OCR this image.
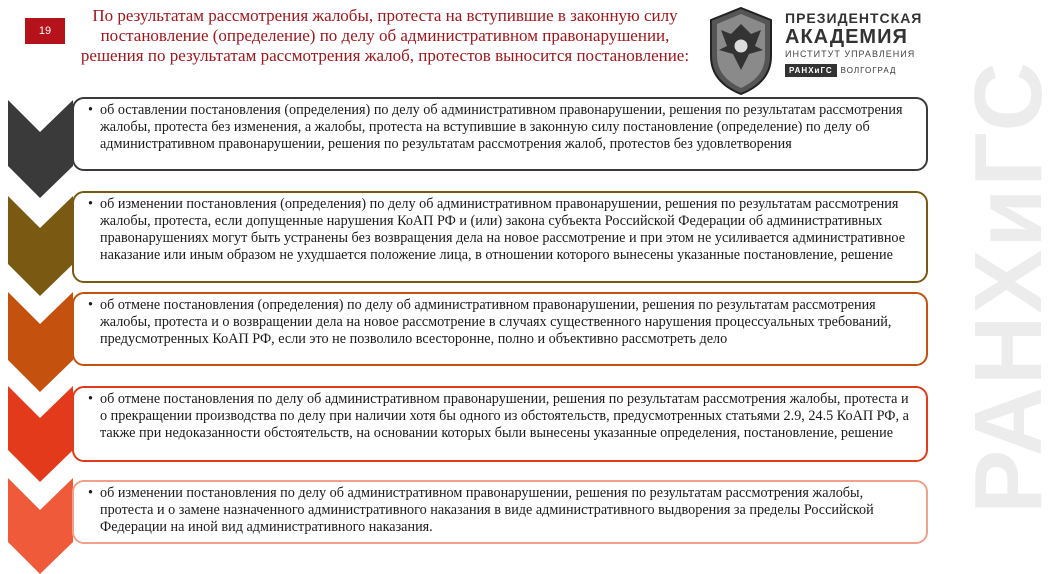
РАНХиГС
19
По результатам рассмотрения жалобы, протеста на вступившие в законную силу постановление (определение) по делу об административном правонарушении, решения по результатам рассмотрения жалоб, протестов выносится постановление:
ПРЕЗИДЕНТСКАЯ
АКАДЕМИЯ
ИНСТИТУТ УПРАВЛЕНИЯ
РАНХиГС	ВОЛГОГРАД
• об оставлении постановления (определения) по делу об административном правонарушении, решения по результатам рассмотрения жалобы, протеста без изменения, а жалобы, протеста на вступившие в законную силу постановление (определение) по делу об административном правонарушении, решения по результатам рассмотрения жалоб, протестов без удовлетворения
• об изменении постановления (определения) по делу об административном правонарушении, решения по результатам рассмотрения жалобы, протеста, если допущенные нарушения КоАП РФ и (или) закона субъекта Российской Федерации об административных правонарушениях могут быть устранены без возвращения дела на новое рассмотрение и при этом не усиливается административное наказание или иным образом не ухудшается положение лица, в отношении которого вынесены указанные постановление, решение
• об отмене постановления (определения) по делу об административном правонарушении, решения по результатам рассмотрения жалобы, протеста и о возвращении дела на новое рассмотрение в случаях существенного нарушения процессуальных требований, предусмотренных КоАП РФ, если это не позволило всесторонне, полно и объективно рассмотреть дело
• об отмене постановления по делу об административном правонарушении, решения по результатам рассмотрения жалобы, протеста и о прекращении производства по делу при наличии хотя бы одного из обстоятельств, предусмотренных статьями 2.9, 24.5 КоАП РФ, а также при недоказанности обстоятельств, на основании которых были вынесены указанные определения, постановление, решение
• об изменении постановления по делу об административном правонарушении, решения по результатам рассмотрения жалобы, протеста и о замене назначенного административного наказания в виде административного выдворения за пределы Российской Федерации на иной вид административного наказания.
